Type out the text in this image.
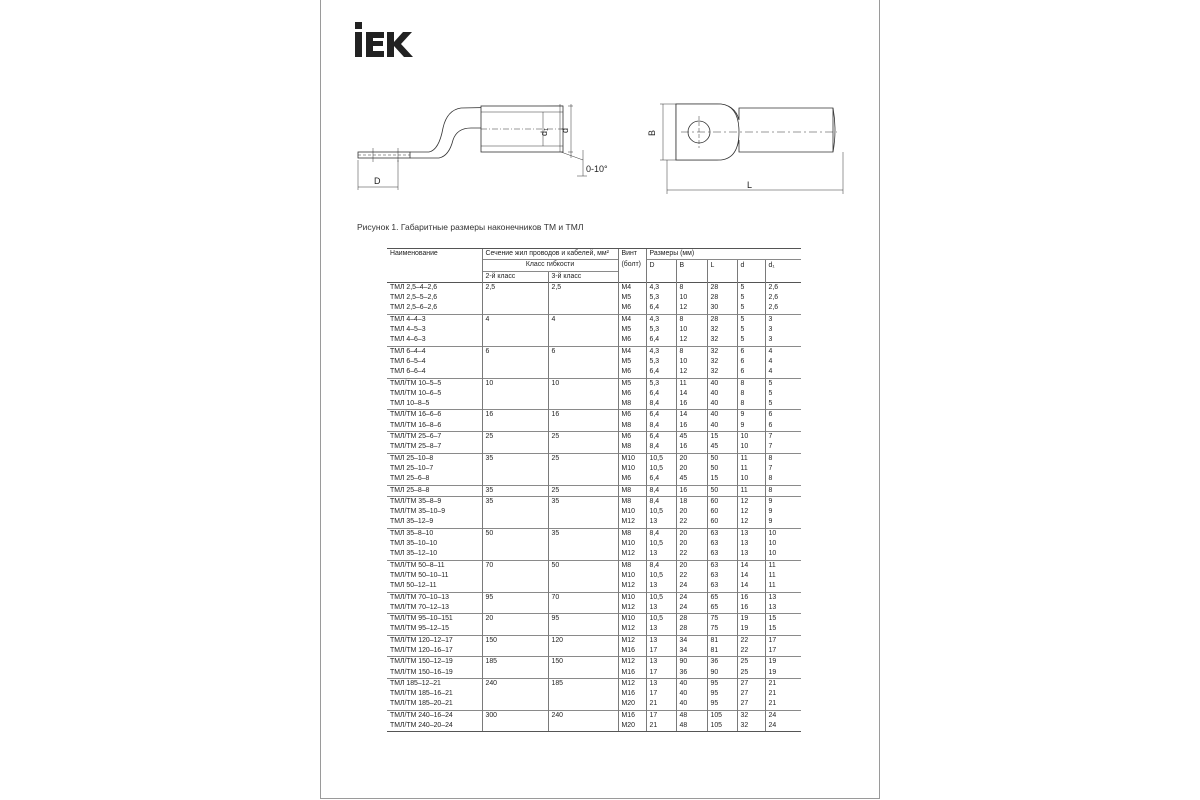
d₁ d
D
0-10°
B
L
Рисунок 1. Габаритные размеры наконечников ТМ и ТМЛ
Наименование	Сечение жил проводов и кабелей, мм²		Винт	Размеры (мм)				
	Класс гибкости		(болт)	D	B	L	d	d₁
	2-й класс	3-й класс						
ТМЛ 2,5–4–2,6	2,5	2,5	М4	4,3	8	28	5	2,6
ТМЛ 2,5–5–2,6			М5	5,3	10	28	5	2,6
ТМЛ 2,5–6–2,6			М6	6,4	12	30	5	2,6
ТМЛ 4–4–3	4	4	М4	4,3	8	28	5	3
ТМЛ 4–5–3			М5	5,3	10	32	5	3
ТМЛ 4–6–3			М6	6,4	12	32	5	3
ТМЛ 6–4–4	6	6	М4	4,3	8	32	6	4
ТМЛ 6–5–4			М5	5,3	10	32	6	4
ТМЛ 6–6–4			М6	6,4	12	32	6	4
ТМЛ/ТМ 10–5–5	10	10	М5	5,3	11	40	8	5
ТМЛ/ТМ 10–6–5			М6	6,4	14	40	8	5
ТМЛ 10–8–5			М8	8,4	16	40	8	5
ТМЛ/ТМ 16–6–6	16	16	М6	6,4	14	40	9	6
ТМЛ/ТМ 16–8–6			М8	8,4	16	40	9	6
ТМЛ/ТМ 25–6–7	25	25	М6	6,4	45	15	10	7
ТМЛ/ТМ 25–8–7			М8	8,4	16	45	10	7
ТМЛ 25–10–8	35	25	М10	10,5	20	50	11	8
ТМЛ 25–10–7			М10	10,5	20	50	11	7
ТМЛ 25–6–8			М6	6,4	45	15	10	8
ТМЛ 25–8–8	35	25	М8	8,4	16	50	11	8
ТМЛ/ТМ 35–8–9	35	35	М8	8,4	18	60	12	9
ТМЛ/ТМ 35–10–9			М10	10,5	20	60	12	9
ТМЛ 35–12–9			М12	13	22	60	12	9
ТМЛ 35–8–10	50	35	М8	8,4	20	63	13	10
ТМЛ 35–10–10			М10	10,5	20	63	13	10
ТМЛ 35–12–10			М12	13	22	63	13	10
ТМЛ/ТМ 50–8–11	70	50	М8	8,4	20	63	14	11
ТМЛ/ТМ 50–10–11			М10	10,5	22	63	14	11
ТМЛ 50–12–11			М12	13	24	63	14	11
ТМЛ/ТМ 70–10–13	95	70	М10	10,5	24	65	16	13
ТМЛ/ТМ 70–12–13			М12	13	24	65	16	13
ТМЛ/ТМ 95–10–151	20	95	М10	10,5	28	75	19	15
ТМЛ/ТМ 95–12–15			М12	13	28	75	19	15
ТМЛ/ТМ 120–12–17	150	120	М12	13	34	81	22	17
ТМЛ/ТМ 120–16–17			М16	17	34	81	22	17
ТМЛ/ТМ 150–12–19	185	150	М12	13	90	36	25	19
ТМЛ/ТМ 150–16–19			М16	17	36	90	25	19
ТМЛ 185–12–21	240	185	М12	13	40	95	27	21
ТМЛ/ТМ 185–16–21			М16	17	40	95	27	21
ТМЛ/ТМ 185–20–21			М20	21	40	95	27	21
ТМЛ/ТМ 240–16–24	300	240	М16	17	48	105	32	24
ТМЛ/ТМ 240–20–24			М20	21	48	105	32	24
